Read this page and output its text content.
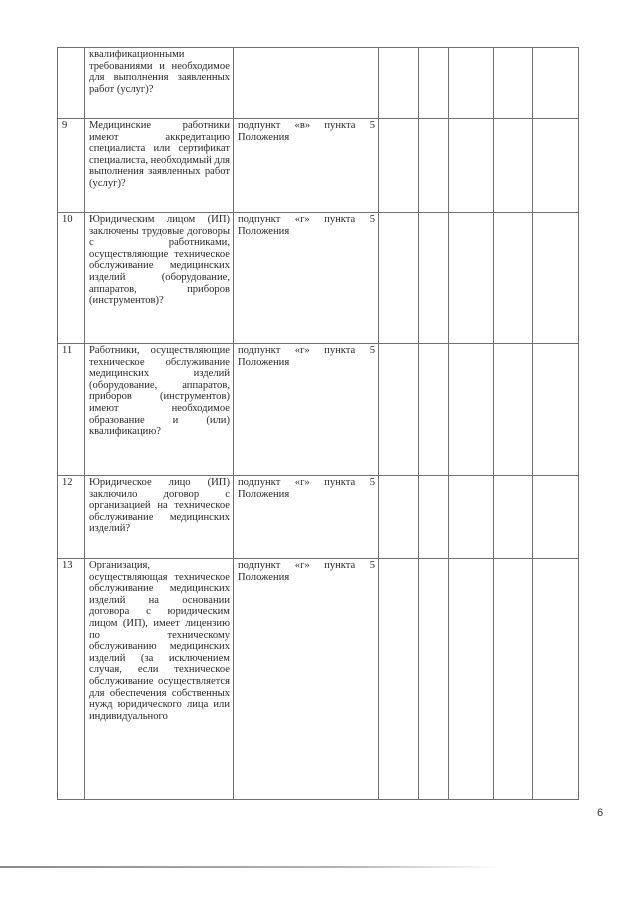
	квалификационными требованиями и необходимое для выполнения заявленных работ (услуг)?						
9	Медицинские работники имеют аккредитацию специалиста или сертификат специалиста, необходимый для выполнения заявленных работ (услуг)?	подпункт «в» пункта 5 Положения					
10	Юридическим лицом (ИП) заключены трудовые договоры с работниками, осуществляющие техническое обслуживание медицинских изделий (оборудование, аппаратов, приборов (инструментов)?	подпункт «г» пункта 5 Положения					
11	Работники, осуществляющие техническое обслуживание медицинских изделий (оборудование, аппаратов, приборов (инструментов) имеют необходимое образование и (или) квалификацию?	подпункт «г» пункта 5 Положения					
12	Юридическое лицо (ИП) заключило договор с организацией на техническое обслуживание медицинских изделий?	подпункт «г» пункта 5 Положения					
13	Организация, осуществляющая техническое обслуживание медицинских изделий на основании договора с юридическим лицом (ИП), имеет лицензию по техническому обслуживанию медицинских изделий (за исключением случая, если техническое обслуживание осуществляется для обеспечения собственных нужд юридического лица или индивидуального	подпункт «г» пункта 5 Положения					
6
